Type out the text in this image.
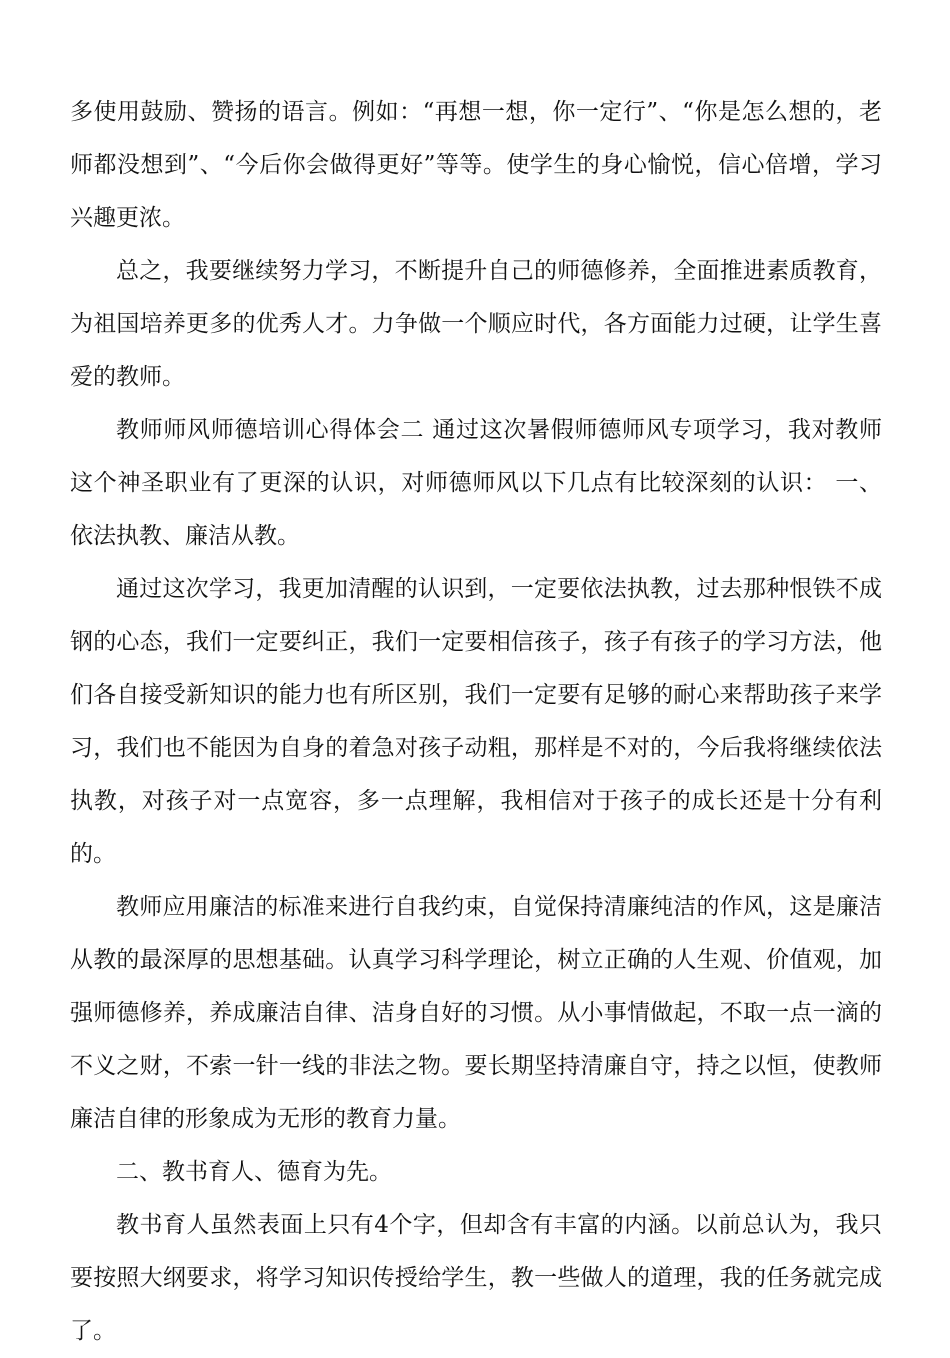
多使用鼓励、赞扬的语言。例如：“再想一想，你一定行”、“你是怎么想的，老师都没想到”、“今后你会做得更好”等等。使学生的身心愉悦，信心倍增，学习兴趣更浓。

总之，我要继续努力学习，不断提升自己的师德修养，全面推进素质教育，为祖国培养更多的优秀人才。力争做一个顺应时代，各方面能力过硬，让学生喜爱的教师。

教师师风师德培训心得体会二 通过这次暑假师德师风专项学习，我对教师这个神圣职业有了更深的认识，对师德师风以下几点有比较深刻的认识： 一、依法执教、廉洁从教。

通过这次学习，我更加清醒的认识到，一定要依法执教，过去那种恨铁不成钢的心态，我们一定要纠正，我们一定要相信孩子，孩子有孩子的学习方法，他们各自接受新知识的能力也有所区别，我们一定要有足够的耐心来帮助孩子来学习，我们也不能因为自身的着急对孩子动粗，那样是不对的，今后我将继续依法执教，对孩子对一点宽容，多一点理解，我相信对于孩子的成长还是十分有利的。

教师应用廉洁的标准来进行自我约束，自觉保持清廉纯洁的作风，这是廉洁从教的最深厚的思想基础。认真学习科学理论，树立正确的人生观、价值观，加强师德修养，养成廉洁自律、洁身自好的习惯。从小事情做起，不取一点一滴的不义之财，不索一针一线的非法之物。要长期坚持清廉自守，持之以恒，使教师廉洁自律的形象成为无形的教育力量。

二、教书育人、德育为先。

教书育人虽然表面上只有4个字，但却含有丰富的内涵。以前总认为，我只要按照大纲要求，将学习知识传授给学生，教一些做人的道理，我的任务就完成了。
